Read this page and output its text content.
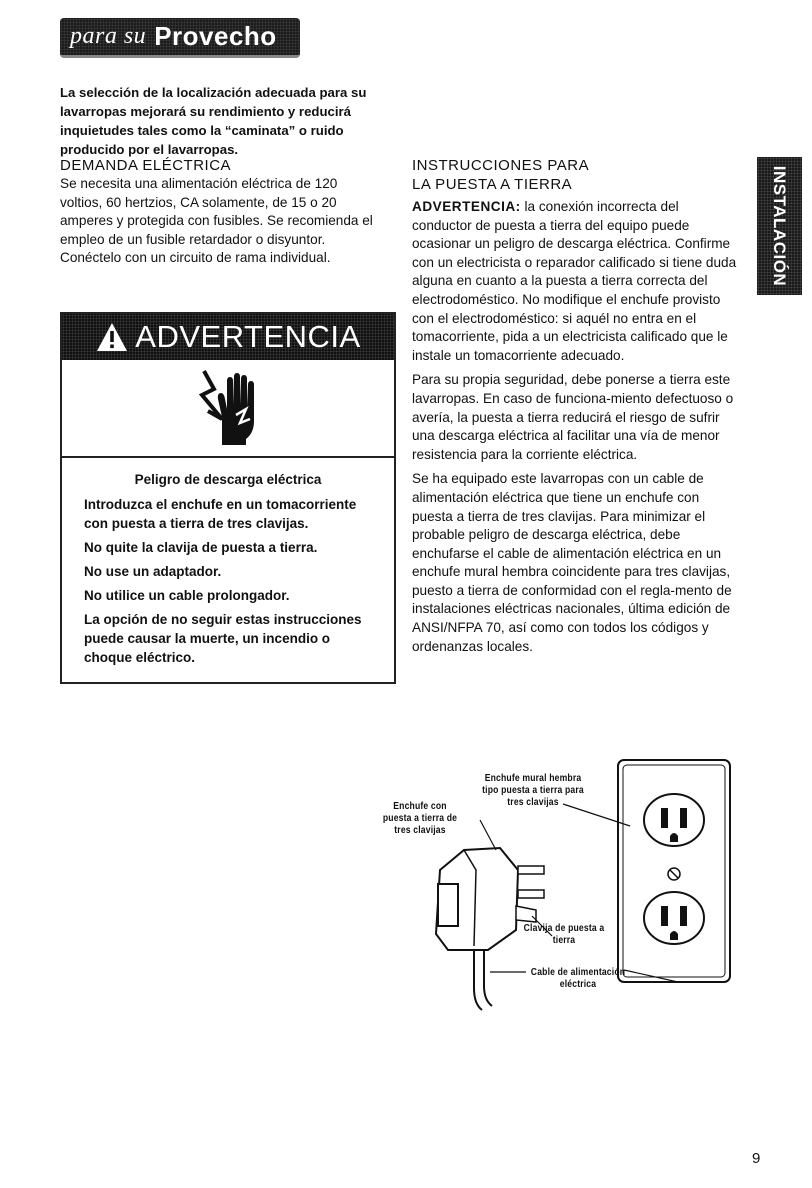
para su Provecho

La selección de la localización adecuada para su lavarropas mejorará su rendimiento y reducirá inquietudes tales como la “caminata” o ruido producido por el lavarropas.

DEMANDA ELÉCTRICA

Se necesita una alimentación eléctrica de 120 voltios, 60 hertzios, CA solamente, de 15 o 20 amperes y protegida con fusibles. Se recomienda el empleo de un fusible retardador o disyuntor. Conéctelo con un circuito de rama individual.

ADVERTENCIA
Peligro de descarga eléctrica

Introduzca el enchufe en un tomacorriente con puesta a tierra de tres clavijas.

No quite la clavija de puesta a tierra.

No use un adaptador.

No utilice un cable prolongador.

La opción de no seguir estas instrucciones puede causar la muerte, un incendio o choque eléctrico.

INSTRUCCIONES PARA
LA PUESTA A TIERRA

ADVERTENCIA: la conexión incorrecta del conductor de puesta a tierra del equipo puede ocasionar un peligro de descarga eléctrica. Confirme con un electricista o reparador calificado si tiene duda alguna en cuanto a la puesta a tierra correcta del electrodoméstico. No modifique el enchufe provisto con el electrodoméstico: si aquél no entra en el tomacorriente, pida a un electricista calificado que le instale un tomacorriente adecuado.

Para su propia seguridad, debe ponerse a tierra este lavarropas. En caso de funciona-miento defectuoso o avería, la puesta a tierra reducirá el riesgo de sufrir una descarga eléctrica al facilitar una vía de menor resistencia para la corriente eléctrica.

Se ha equipado este lavarropas con un cable de alimentación eléctrica que tiene un enchufe con puesta a tierra de tres clavijas. Para minimizar el probable peligro de descarga eléctrica, debe enchufarse el cable de alimentación eléctrica en un enchufe mural hembra coincidente para tres clavijas, puesto a tierra de conformidad con el regla-mento de instalaciones eléctricas nacionales, última edición de ANSI/NFPA 70, así como con todos los códigos y ordenanzas locales.

INSTALACIÓN
Enchufe mural hembra tipo puesta a tierra para tres clavijas
Enchufe con puesta a tierra de tres clavijas
Clavija de puesta a tierra
Cable de alimentación eléctrica
9
